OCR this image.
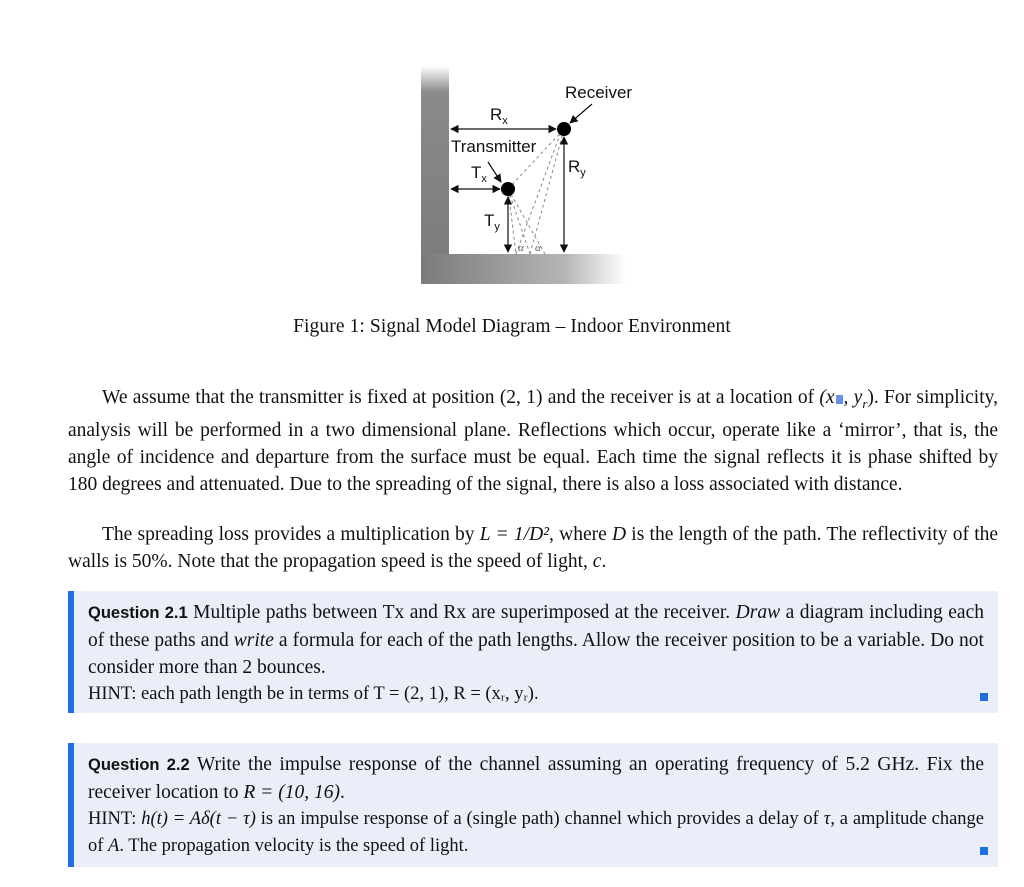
Receiver
$R_x$
Transmitter
$R_y$
$T_x$
$T_y$
α α
Figure 1: Signal Model Diagram – Indoor Environment
We assume that the transmitter is fixed at position (2, 1) and the receiver is at a location of (x , $y_r$). For simplicity, analysis will be performed in a two dimensional plane. Reflections which occur, operate like a ‘mirror’, that is, the angle of incidence and departure from the surface must be equal. Each time the signal reflects it is phase shifted by 180 degrees and attenuated. Due to the spreading of the signal, there is also a loss associated with distance.
The spreading loss provides a multiplication by L = 1/D², where D is the length of the path. The reflectivity of the walls is 50%. Note that the propagation speed is the speed of light, c.
Question 2.1 Multiple paths between Tx and Rx are superimposed at the receiver. Draw a diagram including each of these paths and write a formula for each of the path lengths. Allow the receiver position to be a variable. Do not consider more than 2 bounces.
HINT: each path length be in terms of T = (2, 1), R = (xᵣ, yᵣ).
Question 2.2 Write the impulse response of the channel assuming an operating frequency of 5.2 GHz. Fix the receiver location to R = (10, 16).
HINT: h(t) = Aδ(t − τ) is an impulse response of a (single path) channel which provides a delay of τ, a amplitude change of A. The propagation velocity is the speed of light.
